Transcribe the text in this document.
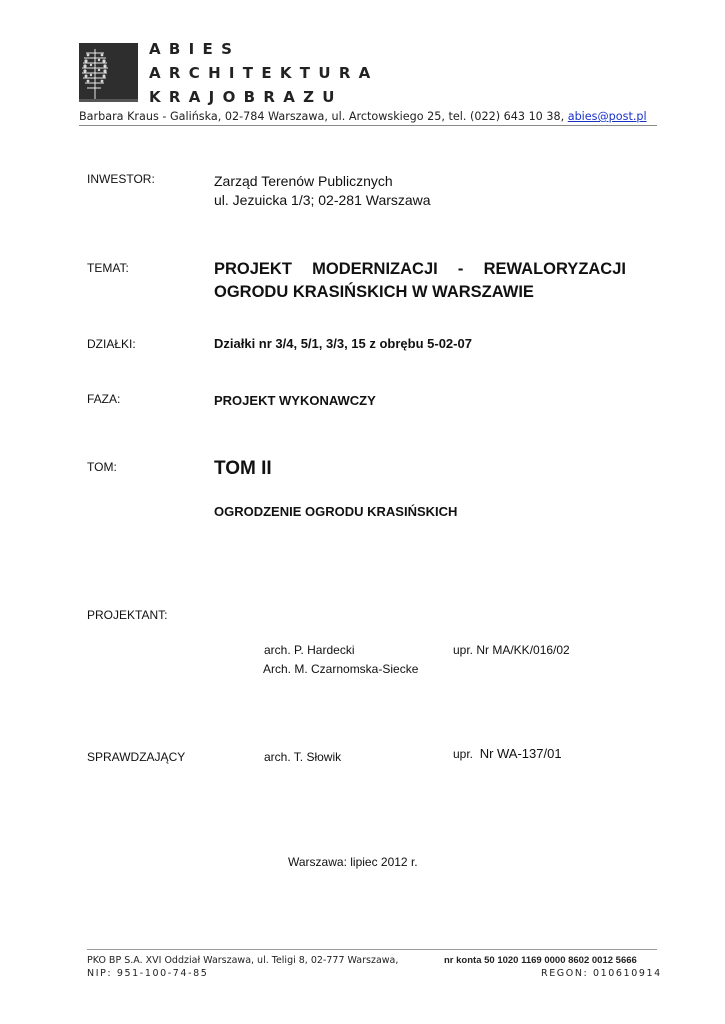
ABIES
ARCHITEKTURA
KRAJOBRAZU
Barbara Kraus - Galińska, 02-784 Warszawa, ul. Arctowskiego 25, tel. (022) 643 10 38, abies@post.pl
INWESTOR:	Zarząd Terenów Publicznych
ul. Jezuicka 1/3; 02-281 Warszawa
TEMAT:	PROJEKT MODERNIZACJI - REWALORYZACJI
OGRODU KRASIŃSKICH W WARSZAWIE
DZIAŁKI:	Działki nr 3/4, 5/1, 3/3, 15 z obrębu 5-02-07
FAZA:	PROJEKT WYKONAWCZY
TOM:	TOM II
OGRODZENIE OGRODU KRASIŃSKICH
PROJEKTANT:
arch. P. Hardecki	upr. Nr MA/KK/016/02
Arch. M. Czarnomska-Siecke
SPRAWDZAJĄCY	arch. T. Słowik	upr. Nr WA-137/01
Warszawa: lipiec 2012 r.
PKO BP S.A. XVI Oddział Warszawa, ul. Teligi 8, 02-777 Warszawa,	nr konta 50 1020 1169 0000 8602 0012 5666
NIP: 951-100-74-85	REGON: 010610914
